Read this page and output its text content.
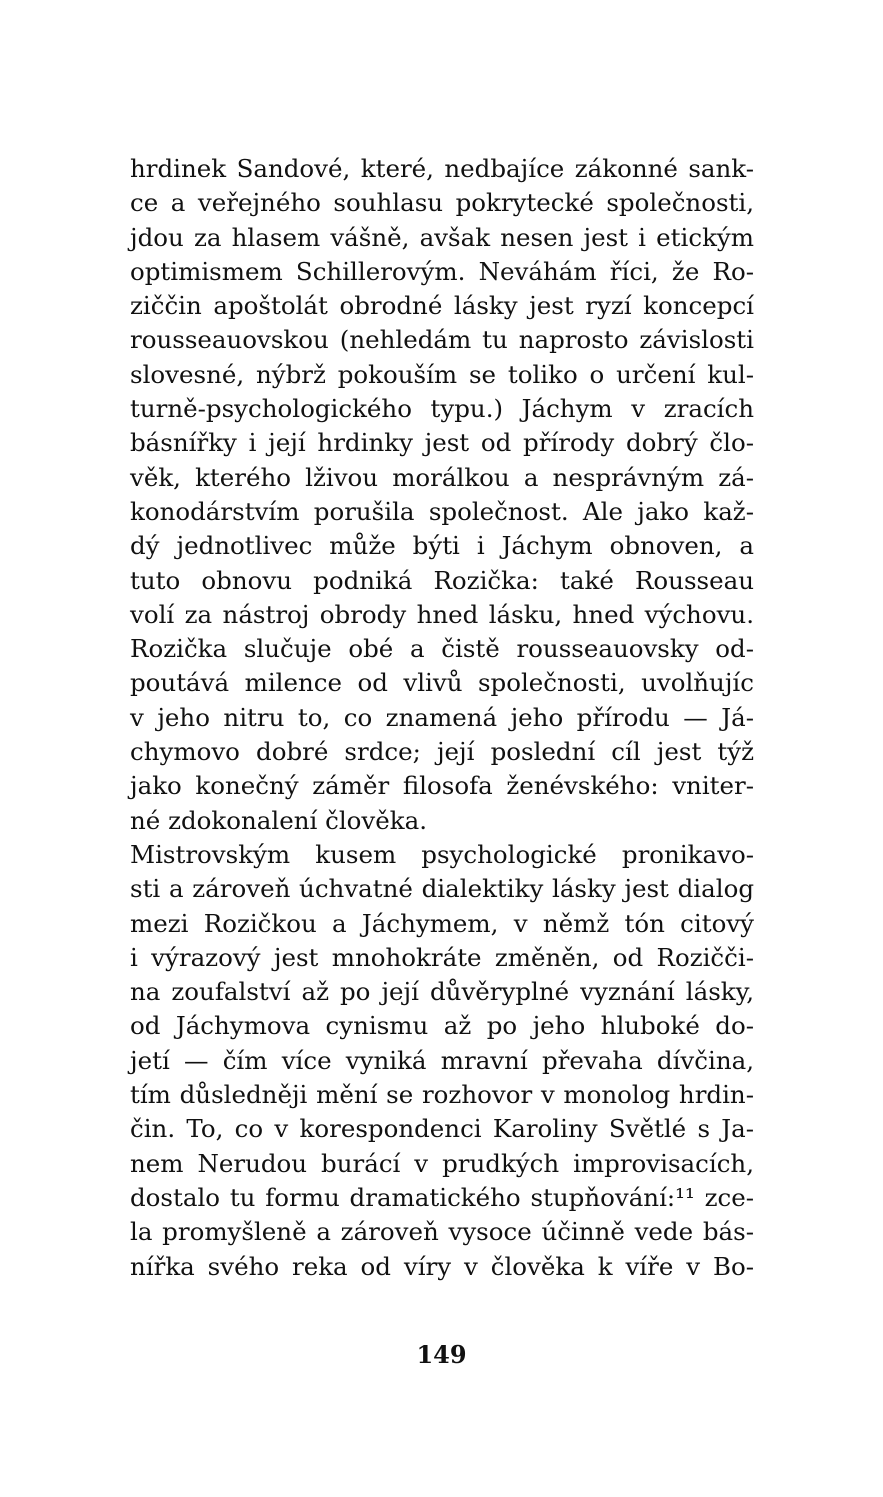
hrdinek Sandové, které, nedbajíce zákonné sank-
ce a veřejného souhlasu pokrytecké společnosti,
jdou za hlasem vášně, avšak nesen jest i etickým
optimismem Schillerovým. Neváhám říci, že Ro-
ziččin apoštolát obrodné lásky jest ryzí koncepcí
rousseauovskou (nehledám tu naprosto závislosti
slovesné, nýbrž pokouším se toliko o určení kul-
turně-psychologického typu.) Jáchym v zracích
básnířky i její hrdinky jest od přírody dobrý člo-
věk, kterého lživou morálkou a nesprávným zá-
konodárstvím porušila společnost. Ale jako kaž-
dý jednotlivec může býti i Jáchym obnoven, a
tuto obnovu podniká Rozička: také Rousseau
volí za nástroj obrody hned lásku, hned výchovu.
Rozička slučuje obé a čistě rousseauovsky od-
poutává milence od vlivů společnosti, uvolňujíc
v jeho nitru to, co znamená jeho přírodu — Já-
chymovo dobré srdce; její poslední cíl jest týž
jako konečný záměr filosofa ženévského: vniter-
né zdokonalení člověka.
Mistrovským kusem psychologické pronikavo-
sti a zároveň úchvatné dialektiky lásky jest dialog
mezi Rozičkou a Jáchymem, v němž tón citový
i výrazový jest mnohokráte změněn, od Rozičči-
na zoufalství až po její důvěryplné vyznání lásky,
od Jáchymova cynismu až po jeho hluboké do-
jetí — čím více vyniká mravní převaha dívčina,
tím důsledněji mění se rozhovor v monolog hrdin-
čin. To, co v korespondenci Karoliny Světlé s Ja-
nem Nerudou burácí v prudkých improvisacích,
dostalo tu formu dramatického stupňování:¹¹ zce-
la promyšleně a zároveň vysoce účinně vede bás-
nířka svého reka od víry v člověka k víře v Bo-
149
